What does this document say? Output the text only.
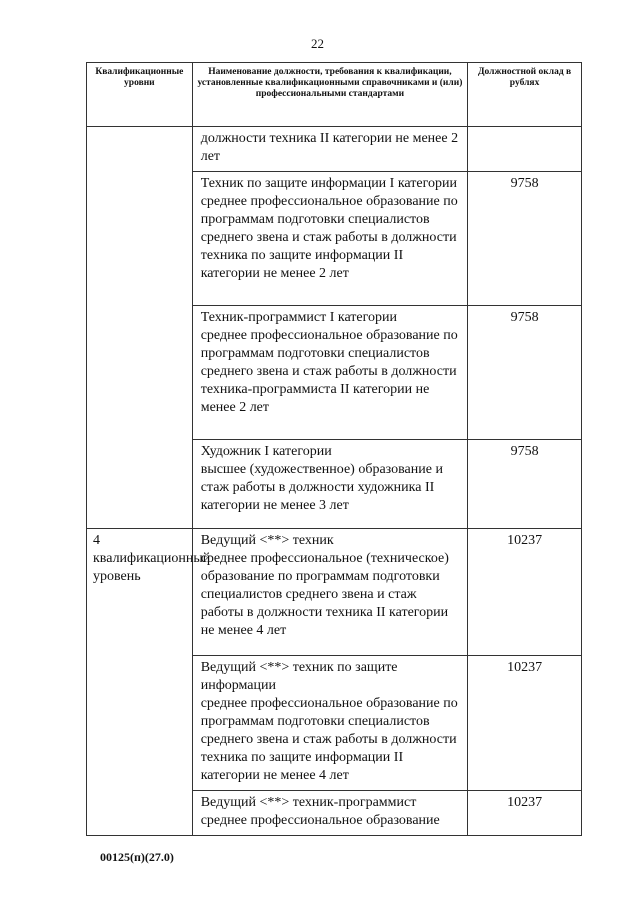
22
Квалификационные уровни	Наименование должности, требования к квалификации, установленные квалификационными справочниками и (или) профессиональными стандартами	Должностной оклад в рублях

	должности техника II категории не менее 2 лет	

	Техник по защите информации I категории
среднее профессиональное образование по программам подготовки специалистов среднего звена и стаж работы в должности техника по защите информации II категории не менее 2 лет	9758

	Техник-программист I категории
среднее профессиональное образование по программам подготовки специалистов среднего звена и стаж работы в должности техника-программиста II категории не менее 2 лет	9758

	Художник I категории
высшее (художественное) образование и стаж работы в должности художника II категории не менее 3 лет	9758
4 квалификационный уровень	Ведущий <**> техник
среднее профессиональное (техническое) образование по программам подготовки специалистов среднего звена и стаж работы в должности техника II категории не менее 4 лет	10237

	Ведущий <**> техник по защите информации
среднее профессиональное образование по программам подготовки специалистов среднего звена и стаж работы в должности техника по защите информации II категории не менее 4 лет	10237

	Ведущий <**> техник-программист
среднее профессиональное образование	10237
00125(п)(27.0)
